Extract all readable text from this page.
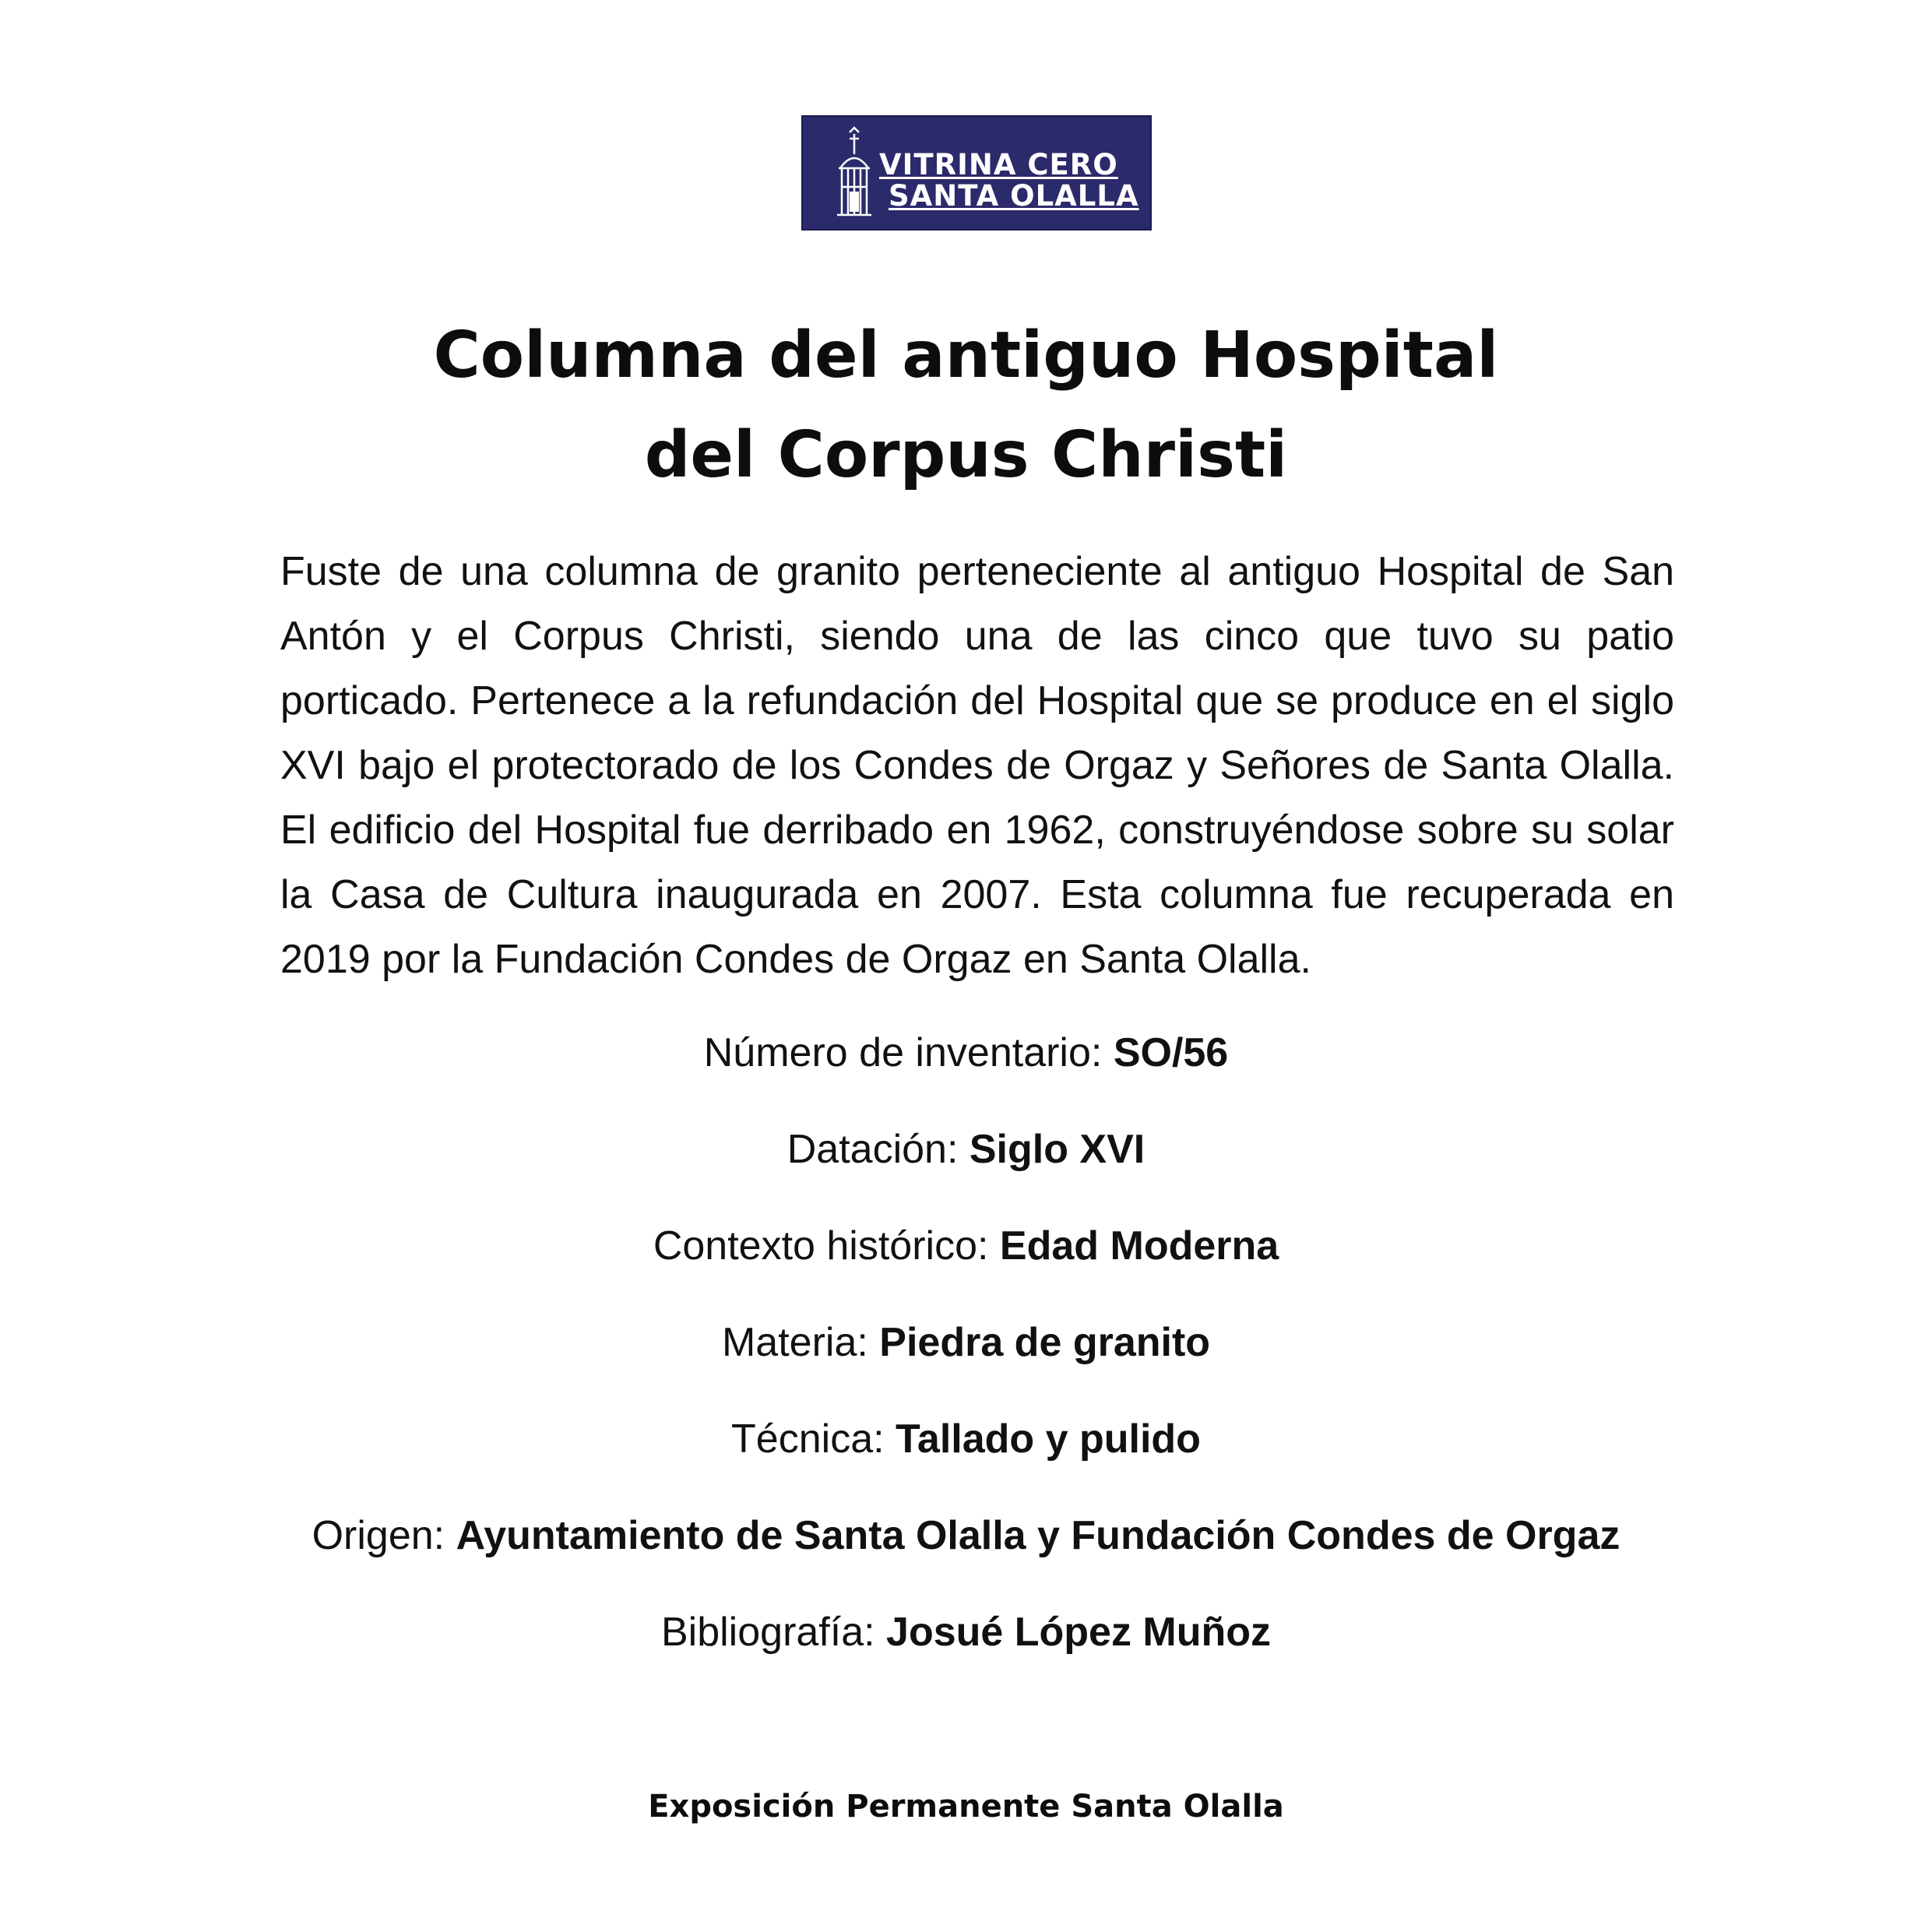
VITRINA CERO
SANTA OLALLA
Columna del antiguo Hospital
del Corpus Christi

Fuste de una columna de granito perteneciente al antiguo Hospital de San Antón y el Corpus Christi, siendo una de las cinco que tuvo su patio porticado. Pertenece a la refundación del Hospital que se produce en el siglo XVI bajo el protectorado de los Condes de Orgaz y Señores de Santa Olalla. El edificio del Hospital fue derribado en 1962, construyéndose sobre su solar la Casa de Cultura inaugurada en 2007. Esta columna fue recuperada en 2019 por la Fundación Condes de Orgaz en Santa Olalla.

Número de inventario: SO/56
Datación: Siglo XVI
Contexto histórico: Edad Moderna
Materia: Piedra de granito
Técnica: Tallado y pulido
Origen: Ayuntamiento de Santa Olalla y Fundación Condes de Orgaz
Bibliografía: Josué López Muñoz
Exposición Permanente Santa Olalla
